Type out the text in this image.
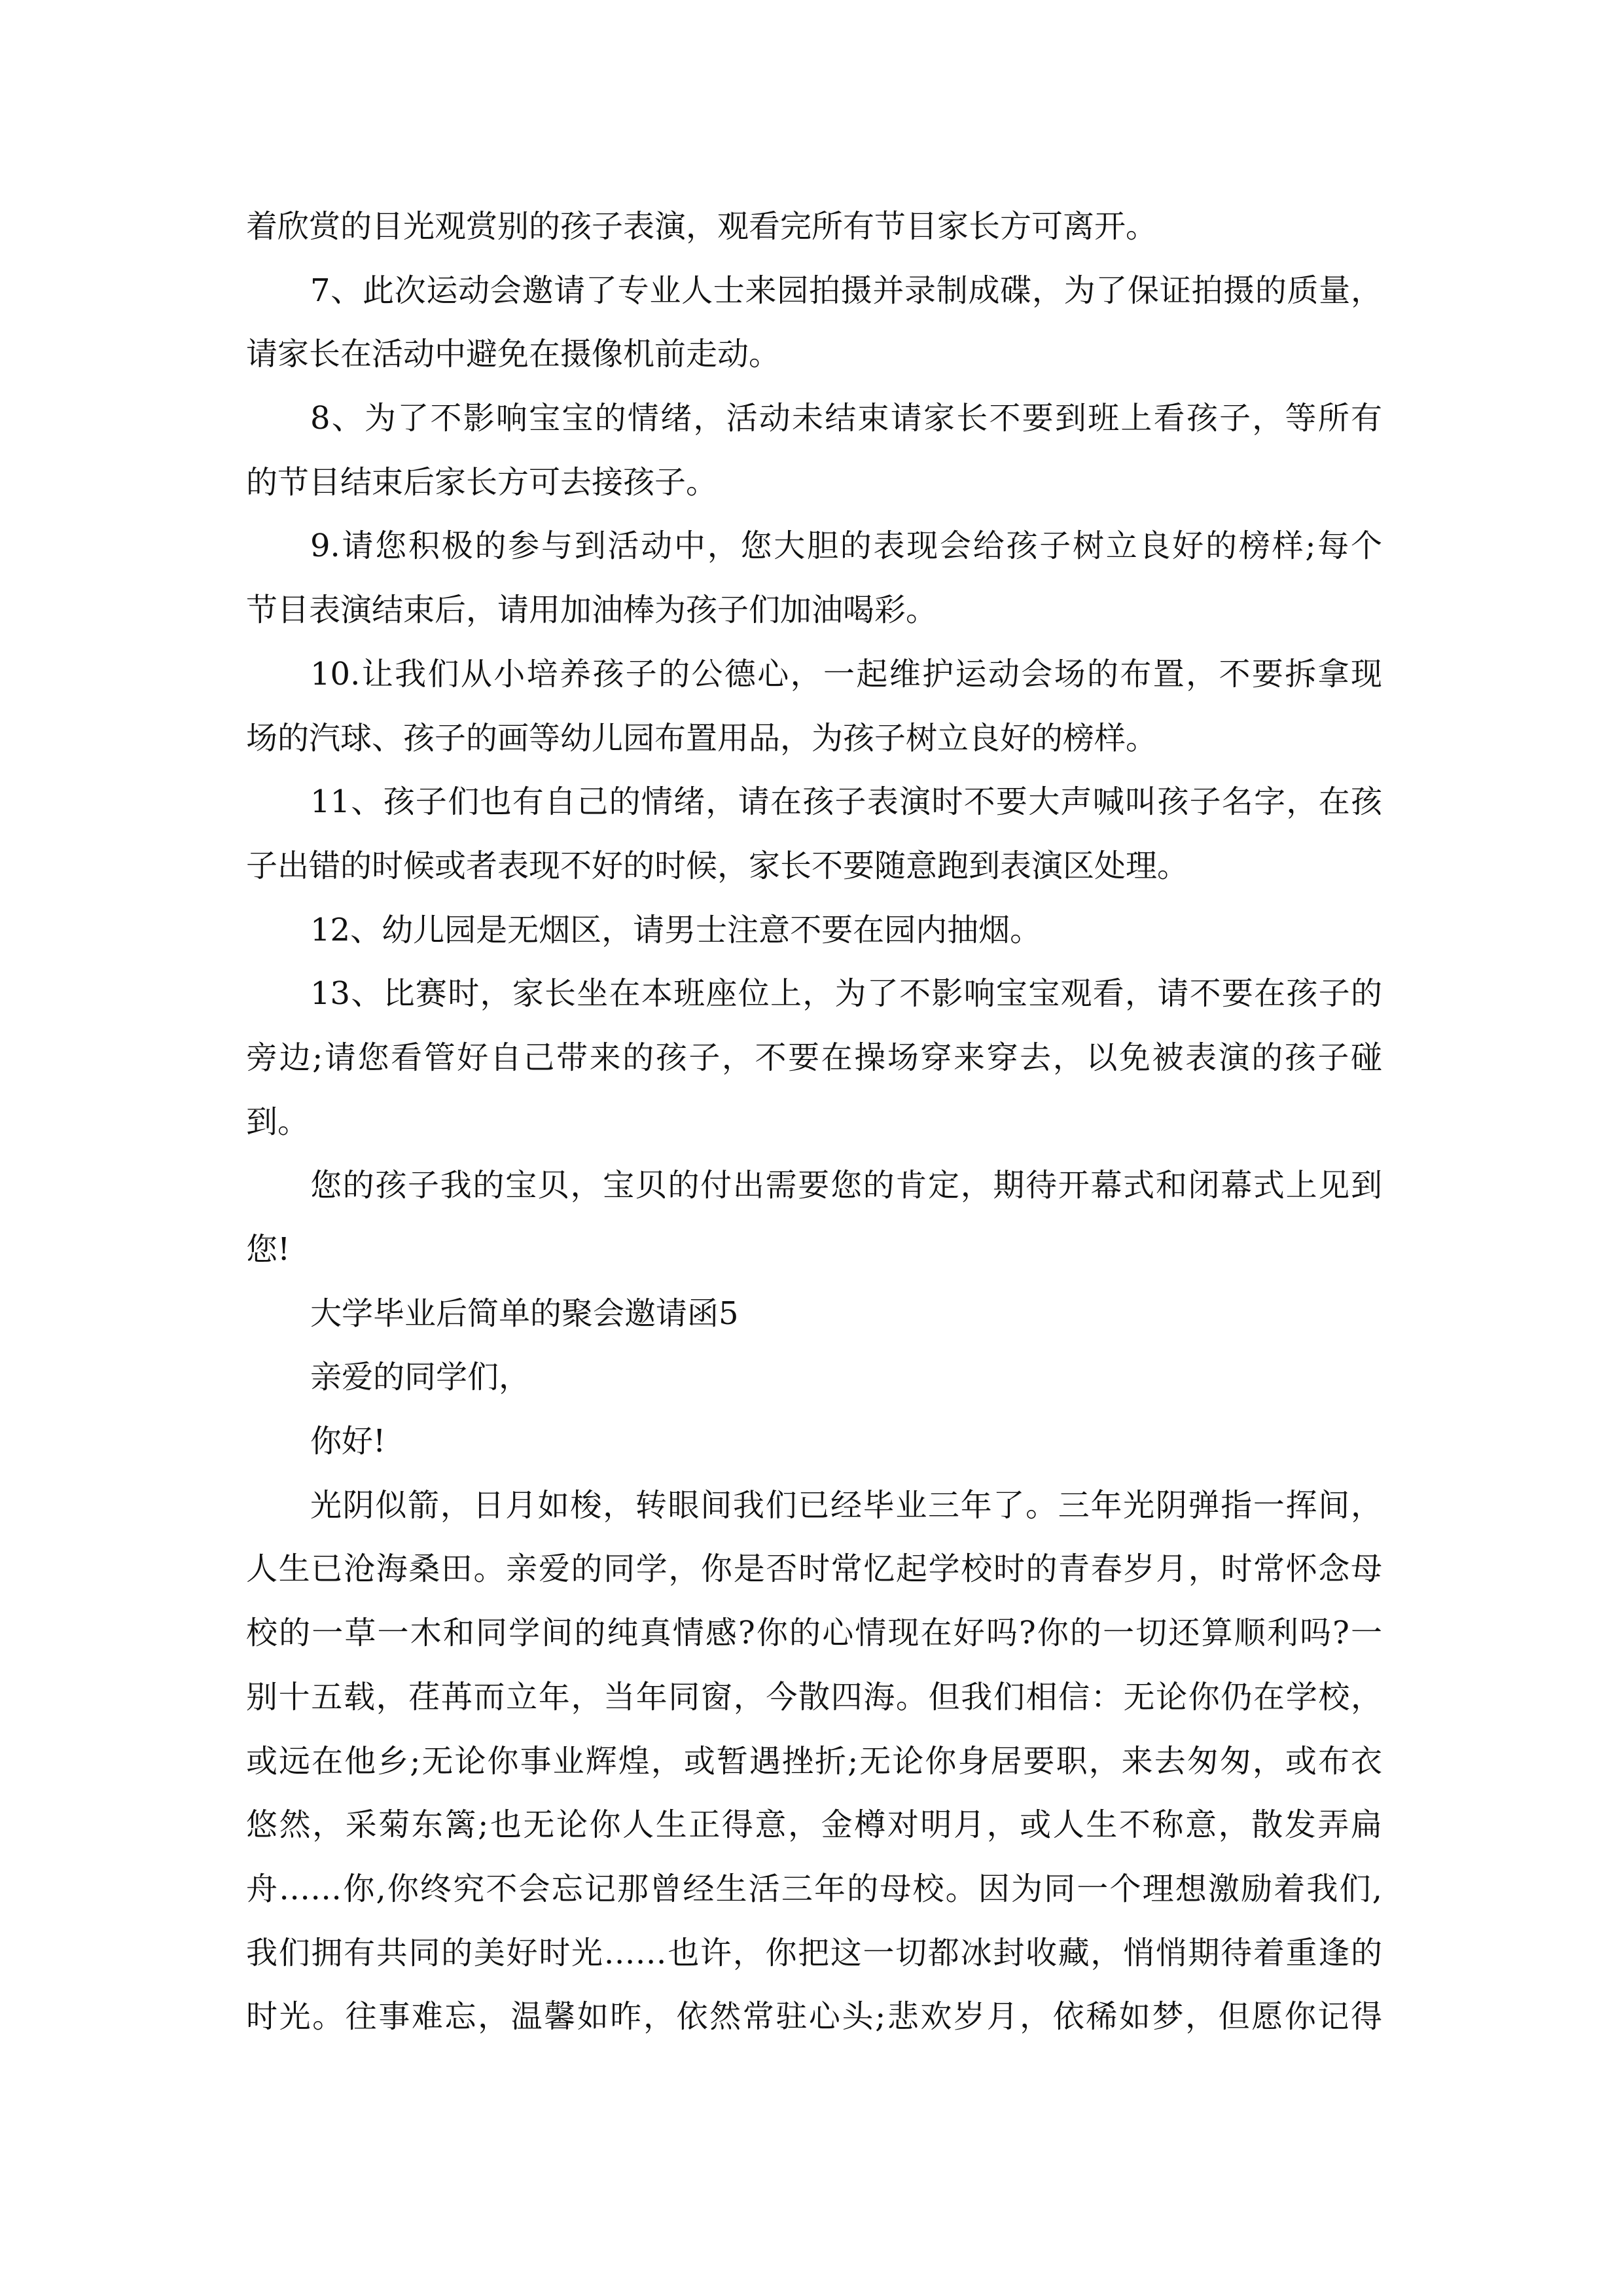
着欣赏的目光观赏别的孩子表演，观看完所有节目家长方可离开。
7、此次运动会邀请了专业人士来园拍摄并录制成碟，为了保证拍摄的质量，
请家长在活动中避免在摄像机前走动。
8、为了不影响宝宝的情绪，活动未结束请家长不要到班上看孩子，等所有
的节目结束后家长方可去接孩子。
9.请您积极的参与到活动中，您大胆的表现会给孩子树立良好的榜样;每个
节目表演结束后，请用加油棒为孩子们加油喝彩。
10.让我们从小培养孩子的公德心，一起维护运动会场的布置，不要拆拿现
场的汽球、孩子的画等幼儿园布置用品，为孩子树立良好的榜样。
11、孩子们也有自己的情绪，请在孩子表演时不要大声喊叫孩子名字，在孩
子出错的时候或者表现不好的时候，家长不要随意跑到表演区处理。
12、幼儿园是无烟区，请男士注意不要在园内抽烟。
13、比赛时，家长坐在本班座位上，为了不影响宝宝观看，请不要在孩子的
旁边;请您看管好自己带来的孩子，不要在操场穿来穿去，以免被表演的孩子碰
到。
您的孩子我的宝贝，宝贝的付出需要您的肯定，期待开幕式和闭幕式上见到
您!
大学毕业后简单的聚会邀请函5
亲爱的同学们，
你好!
光阴似箭，日月如梭，转眼间我们已经毕业三年了。三年光阴弹指一挥间，
人生已沧海桑田。亲爱的同学，你是否时常忆起学校时的青春岁月，时常怀念母
校的一草一木和同学间的纯真情感?你的心情现在好吗?你的一切还算顺利吗?一
别十五载，荏苒而立年，当年同窗，今散四海。但我们相信：无论你仍在学校，
或远在他乡;无论你事业辉煌，或暂遇挫折;无论你身居要职，来去匆匆，或布衣
悠然，采菊东篱;也无论你人生正得意，金樽对明月，或人生不称意，散发弄扁
舟……你,你终究不会忘记那曾经生活三年的母校。因为同一个理想激励着我们,
我们拥有共同的美好时光……也许，你把这一切都冰封收藏，悄悄期待着重逢的
时光。往事难忘，温馨如昨，依然常驻心头;悲欢岁月，依稀如梦，但愿你记得
